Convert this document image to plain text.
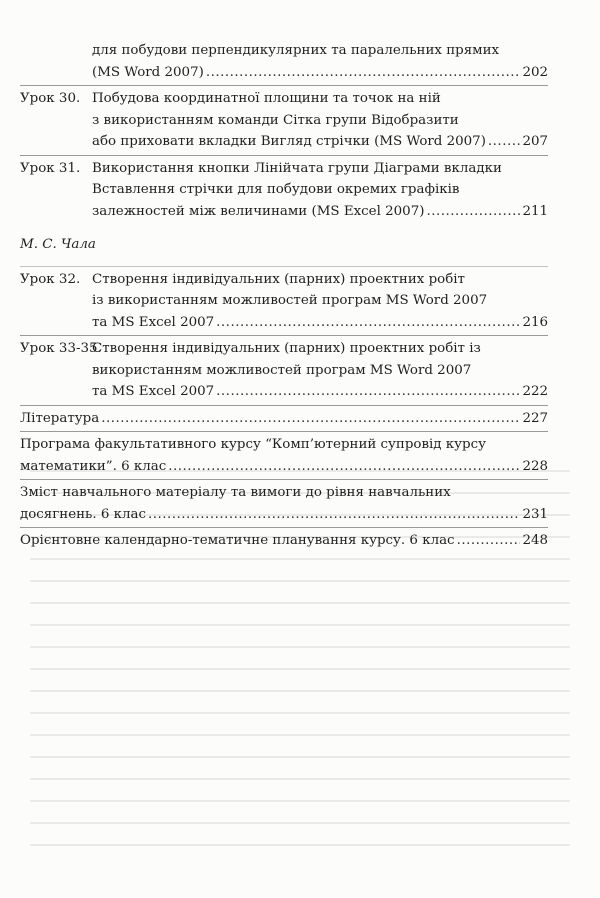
для побудови перпендикулярних та паралельних прямих
(MS Word 2007) .....	202
Урок 30. Побудова координатної площини та точок на ній
з використанням команди Сітка групи Відобразити
або приховати вкладки Вигляд стрічки (MS Word 2007) .....	207
Урок 31. Використання кнопки Лінійчата групи Діаграми вкладки
Вставлення стрічки для побудови окремих графіків
залежностей між величинами (MS Excel 2007) .....	211
М. С. Чала
Урок 32. Створення індивідуальних (парних) проектних робіт
із використанням можливостей програм MS Word 2007
та MS Excel 2007 .....	216
Урок 33-35.
Створення індивідуальних (парних) проектних робіт із
використанням можливостей програм MS Word 2007
та MS Excel 2007 .....	222
Література .....	227
Програма факультативного курсу “Комп’ютерний супровід курсу
математики”. 6 клас .....	228
Зміст навчального матеріалу та вимоги до рівня навчальних
досягнень. 6 клас .....	231
Орієнтовне календарно-тематичне планування курсу. 6 клас .....	248
